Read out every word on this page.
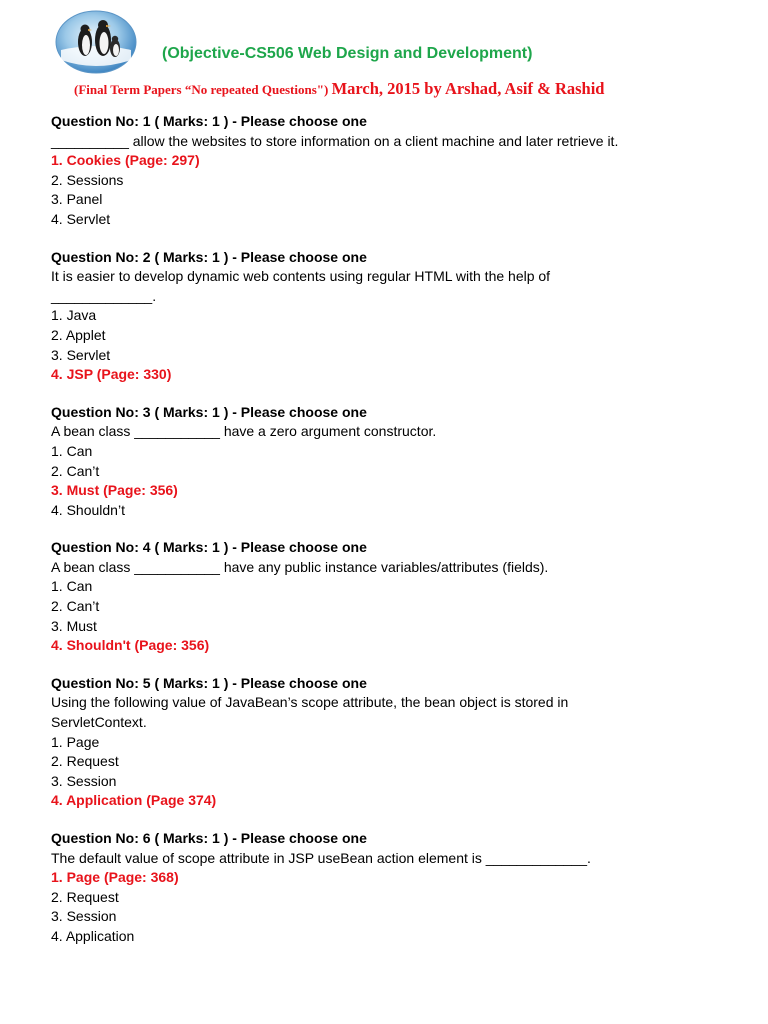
(Objective-CS506 Web Design and Development)
(Final Term Papers “No repeated Questions") March, 2015 by Arshad, Asif & Rashid
Question No: 1 ( Marks: 1 ) - Please choose one
__________ allow the websites to store information on a client machine and later retrieve it.
1. Cookies (Page: 297)
2. Sessions
3. Panel
4. Servlet
Question No: 2 ( Marks: 1 ) - Please choose one
It is easier to develop dynamic web contents using regular HTML with the help of
_____________.
1. Java
2. Applet
3. Servlet
4. JSP (Page: 330)
Question No: 3 ( Marks: 1 ) - Please choose one
A bean class ___________ have a zero argument constructor.
1. Can
2. Can’t
3. Must (Page: 356)
4. Shouldn’t
Question No: 4 ( Marks: 1 ) - Please choose one
A bean class ___________ have any public instance variables/attributes (fields).
1. Can
2. Can’t
3. Must
4. Shouldn't (Page: 356)
Question No: 5 ( Marks: 1 ) - Please choose one
Using the following value of JavaBean’s scope attribute, the bean object is stored in
ServletContext.
1. Page
2. Request
3. Session
4. Application (Page 374)
Question No: 6 ( Marks: 1 ) - Please choose one
The default value of scope attribute in JSP useBean action element is _____________.
1. Page (Page: 368)
2. Request
3. Session
4. Application
